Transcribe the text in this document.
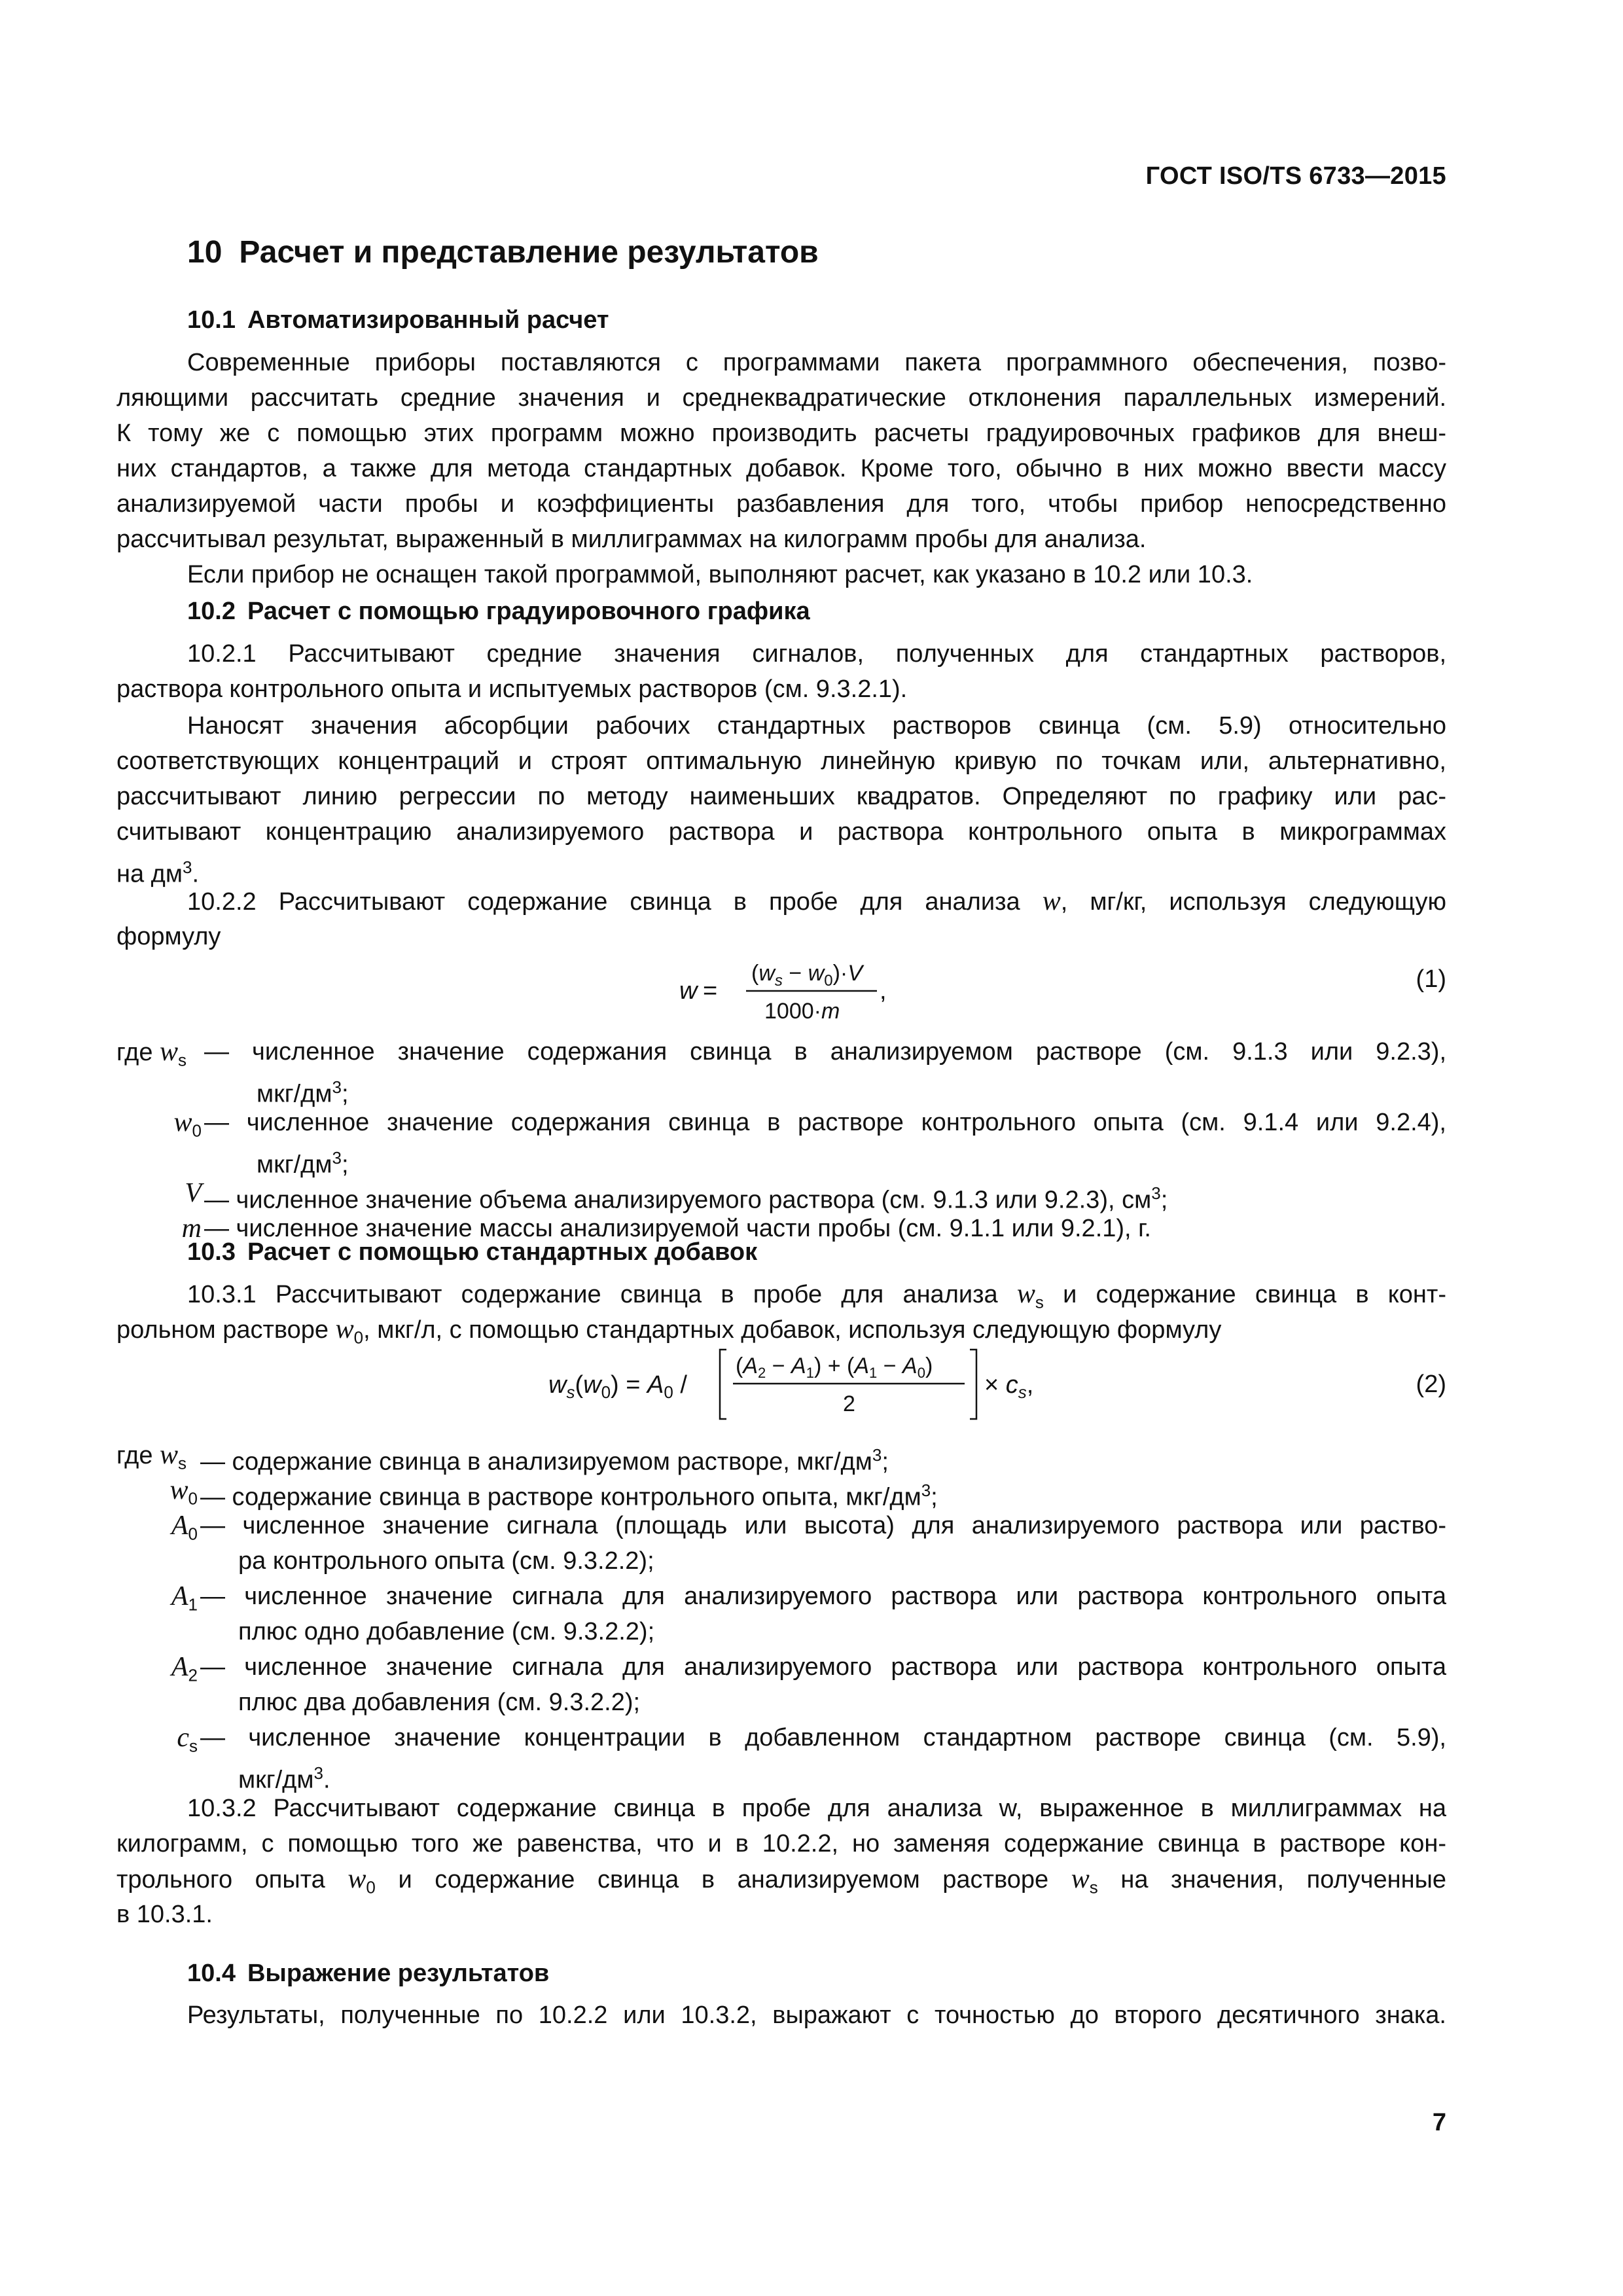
ГОСТ ISO/TS 6733—2015
10 Расчет и представление результатов
10.1 Автоматизированный расчет
Современные приборы поставляются с программами пакета программного обеспечения, позво-
ляющими рассчитать средние значения и среднеквадратические отклонения параллельных измерений.
К тому же с помощью этих программ можно производить расчеты градуировочных графиков для внеш-
них стандартов, а также для метода стандартных добавок. Кроме того, обычно в них можно ввести массу
анализируемой части пробы и коэффициенты разбавления для того, чтобы прибор непосредственно
рассчитывал результат, выраженный в миллиграммах на килограмм пробы для анализа.
Если прибор не оснащен такой программой, выполняют расчет, как указано в 10.2 или 10.3.
10.2 Расчет с помощью градуировочного графика
10.2.1 Рассчитывают средние значения сигналов, полученных для стандартных растворов,
раствора контрольного опыта и испытуемых растворов (см. 9.3.2.1).
Наносят значения абсорбции рабочих стандартных растворов свинца (см. 5.9) относительно
соответствующих концентраций и строят оптимальную линейную кривую по точкам или, альтернативно,
рассчитывают линию регрессии по методу наименьших квадратов. Определяют по графику или рас-
считывают концентрацию анализируемого раствора и раствора контрольного опыта в микрограммах
на $дм^3$.
10.2.2 Рассчитывают содержание свинца в пробе для анализа w, мг/кг, используя следующую
формулу
w =
$(w_s - w_0)\cdot V$
1000·m
,	(1)
где $w_s$ — численное значение содержания свинца в анализируемом растворе (см. 9.1.3 или 9.2.3),
мкг/$дм^3$;
$w_0$ — численное значение содержания свинца в растворе контрольного опыта (см. 9.1.4 или 9.2.4),
мкг/$дм^3$;
V — численное значение объема анализируемого раствора (см. 9.1.3 или 9.2.3), $см^3$;
m — численное значение массы анализируемой части пробы (см. 9.1.1 или 9.2.1), г.
10.3 Расчет с помощью стандартных добавок
10.3.1 Рассчитывают содержание свинца в пробе для анализа $w_s$ и содержание свинца в конт-
рольном растворе $w_0$, мкг/л, с помощью стандартных добавок, используя следующую формулу
$w_s(w_0) = A_0$ /
$(A_2 - A_1) + (A_1 - A_0)$
2
× $c_s$,	(2)
где $w_s$ — содержание свинца в анализируемом растворе, мкг/$дм^3$;
$w_0$ — содержание свинца в растворе контрольного опыта, мкг/$дм^3$;
$A_0$ — численное значение сигнала (площадь или высота) для анализируемого раствора или раство-
ра контрольного опыта (см. 9.3.2.2);
$A_1$ — численное значение сигнала для анализируемого раствора или раствора контрольного опыта
плюс одно добавление (см. 9.3.2.2);
$A_2$ — численное значение сигнала для анализируемого раствора или раствора контрольного опыта
плюс два добавления (см. 9.3.2.2);
$c_s$ — численное значение концентрации в добавленном стандартном растворе свинца (см. 5.9),
мкг/$дм^3$.
10.3.2 Рассчитывают содержание свинца в пробе для анализа w, выраженное в миллиграммах на
килограмм, с помощью того же равенства, что и в 10.2.2, но заменяя содержание свинца в растворе кон-
трольного опыта $w_0$ и содержание свинца в анализируемом растворе $w_s$ на значения, полученные
в 10.3.1.
10.4 Выражение результатов
Результаты, полученные по 10.2.2 или 10.3.2, выражают с точностью до второго десятичного знака.
7
